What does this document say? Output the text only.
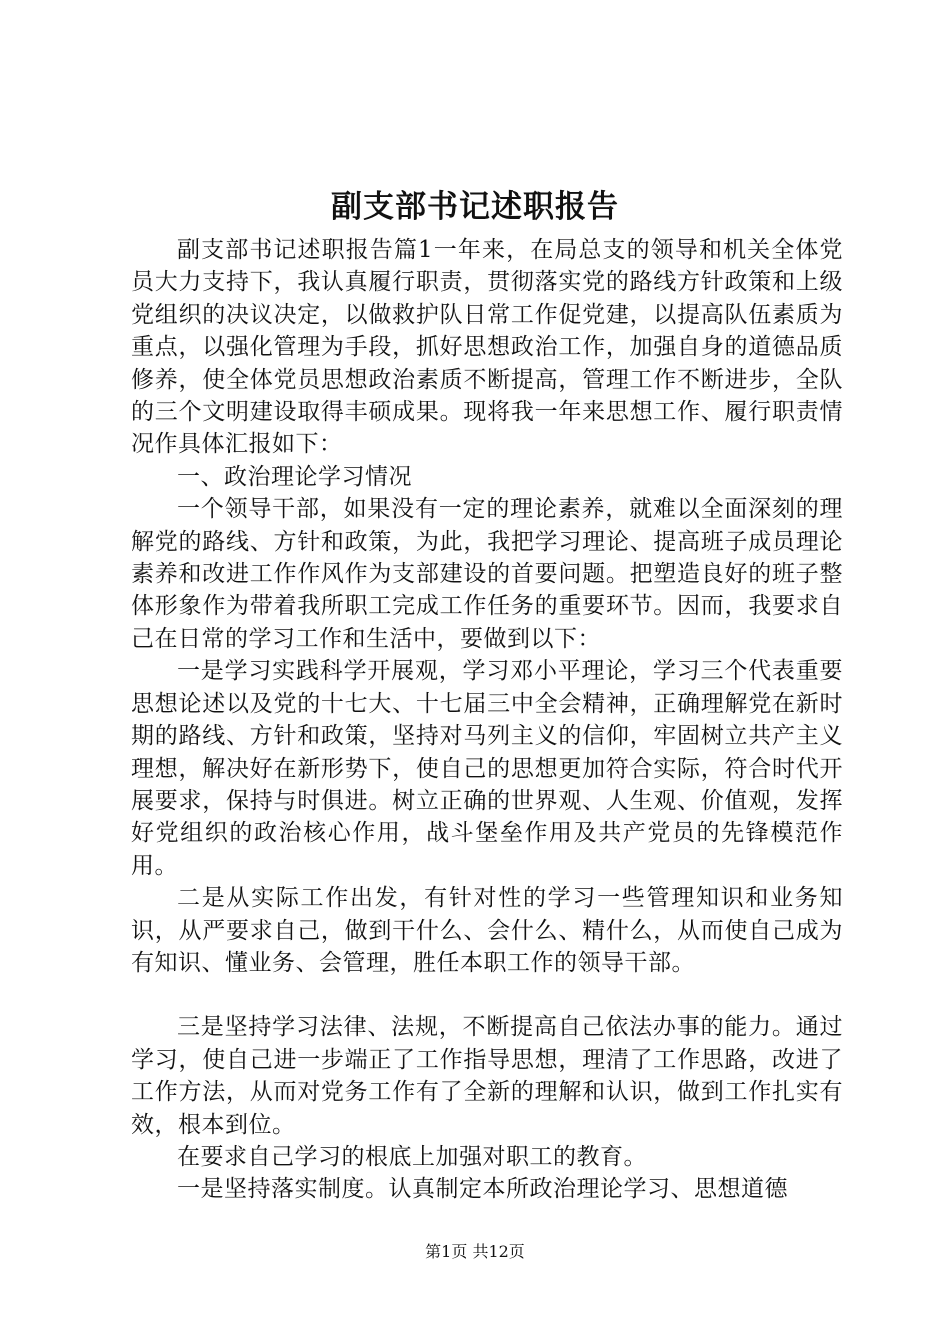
副支部书记述职报告

副支部书记述职报告篇1一年来，在局总支的领导和机关全体党员大力支持下，我认真履行职责，贯彻落实党的路线方针政策和上级党组织的决议决定，以做救护队日常工作促党建，以提高队伍素质为重点，以强化管理为手段，抓好思想政治工作，加强自身的道德品质修养，使全体党员思想政治素质不断提高，管理工作不断进步，全队的三个文明建设取得丰硕成果。现将我一年来思想工作、履行职责情况作具体汇报如下：

一、政治理论学习情况

一个领导干部，如果没有一定的理论素养，就难以全面深刻的理解党的路线、方针和政策，为此，我把学习理论、提高班子成员理论素养和改进工作作风作为支部建设的首要问题。把塑造良好的班子整体形象作为带着我所职工完成工作任务的重要环节。因而，我要求自己在日常的学习工作和生活中，要做到以下：

一是学习实践科学开展观，学习邓小平理论，学习三个代表重要思想论述以及党的十七大、十七届三中全会精神，正确理解党在新时期的路线、方针和政策，坚持对马列主义的信仰，牢固树立共产主义理想，解决好在新形势下，使自己的思想更加符合实际，符合时代开展要求，保持与时俱进。树立正确的世界观、人生观、价值观，发挥好党组织的政治核心作用，战斗堡垒作用及共产党员的先锋模范作用。

二是从实际工作出发，有针对性的学习一些管理知识和业务知识，从严要求自己，做到干什么、会什么、精什么，从而使自己成为有知识、懂业务、会管理，胜任本职工作的领导干部。

三是坚持学习法律、法规，不断提高自己依法办事的能力。通过学习，使自己进一步端正了工作指导思想，理清了工作思路，改进了工作方法，从而对党务工作有了全新的理解和认识，做到工作扎实有效，根本到位。

在要求自己学习的根底上加强对职工的教育。

一是坚持落实制度。认真制定本所政治理论学习、思想道德

第1页 共12页
